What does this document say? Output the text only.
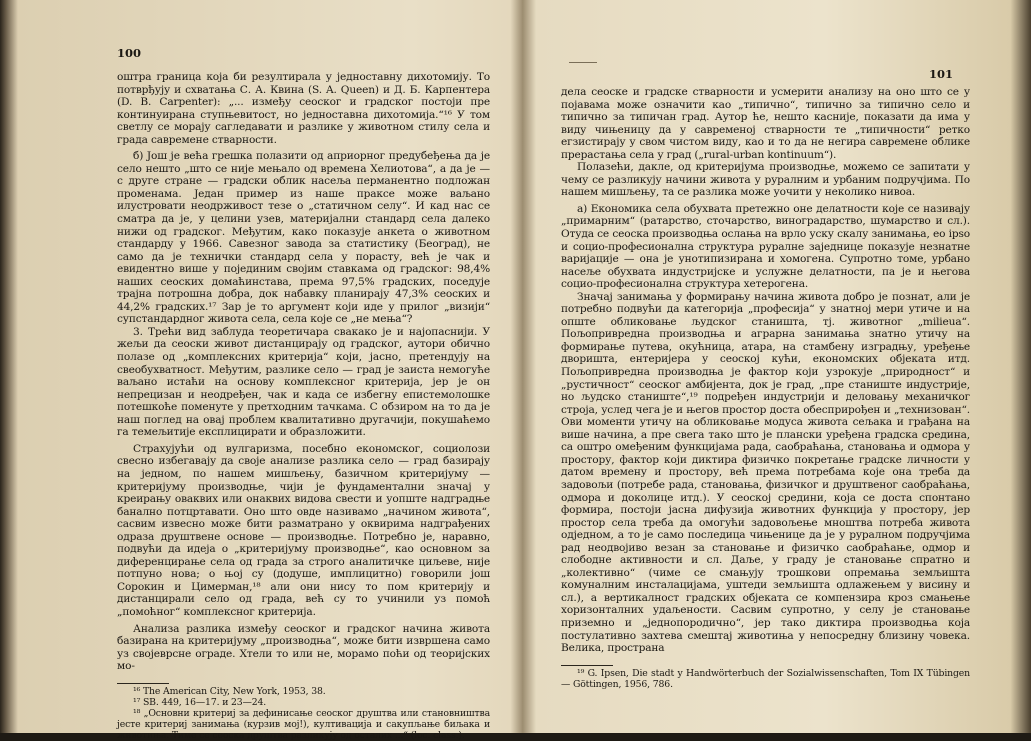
100

оштра граница која би резултирала у једноставну дихотомију. То потврђују и схватања С. А. Квина (S. A. Queen) и Д. Б. Карпентера (D. B. Carpenter): „... између сеоског и градског постоји пре континуирана ступњевитост, но једноставна дихотомија.“¹⁶ У том светлу се морају сагледавати и разлике у животном стилу села и града савремене стварности.

б) Још је већа грешка полазити од априорног предубеђења да је село нешто „што се није мењало од времена Хелиотова“, а да је — с друге стране — градски облик насеља перманентно подложан променама. Један пример из наше праксе може ваљано илустровати неодрживост тезе о „статичном селу“. И кад нас се смaтра да је, у целини узев, материјални стандард села далеко нижи од градског. Међутим, како показује анкета о животном стандарду у 1966. Савезног завода за статистику (Београд), не само да је технички стандард села у порасту, већ је чак и евидентно више у појединим својим ставкама од градског: 98,4% наших сеоских домаћинстава, према 97,5% градских, поседује трајна потрошна добра, док набавку планирају 47,3% сеоских и 44,2% градских.¹⁷ Зар је то аргумент који иде у прилог „визији“ супстандардног живота села, села које се „не мења“?

3. Трећи вид заблуда теоретичара свакако је и најопаснији. У жељи да сеоски живот дистанцирају од градског, аутори обично полазе од „комплексних критерија“ који, јасно, претендују на свеобухватност. Међутим, разлике село — град је заиста немогуће ваљано истаћи на основу комплексног критерија, јер је он непрецизан и неодређен, чак и када се избегну епистемолошке потешкоће поменуте у претходним тачкама. С обзиром на то да је наш поглед на овај проблем квалитативно другачији, покушаћемо га темељитије експлицирати и образложити.

Страхујући од вулгаризма, посебно економског, социолози свесно избегавају да своје анализе разлика село — град базирају на једном, по нашем мишљењу, базичном критеријуму — критеријуму производње, чији је фундаментални значај у креирању оваквих или онаквих видова свести и уопште надградње банално потцртавати. Оно што овде називамо „начином живота“, сасвим извесно може бити разматрано у оквирима надграђених одраза друштвене основе — производње. Потребно је, наравно, подвући да идеја о „критеријуму производње“, као основном за диференцирање села од града за строго аналитичке циљеве, није потпуно нова; о њој су (додуше, имплицитно) говорили још Сорокин и Цимерман,¹⁸ али они нису то пом критерију и дистанцирали село од града, већ су то учинили уз помоћ „помоћног“ комплексног критерија.

Анализа разлика између сеоског и градског начина живота базирана на критеријуму „производња“, може бити извршена само уз својеврсне ограде. Хтели то или не, морамо поћи од теоријских мо-

¹⁶ The American City, New York, 1953, 38.

¹⁷ SB. 449, 16—17. и 23—24.

¹⁸ „Основни критериј за дефинисање сеоског друштва или становништва јесте критериј занимања (курзив мој!), култивација и сакупљање биљака и животиња. Тиме се сеоска друштва разликују од осталих ...“ (loc. class.).

101

дела сеоске и градске стварности и усмерити анализу на оно што се у појавама може означити као „типично“, типично за типично село и типично за типичан град. Аутор ће, нешто касније, показати да има у виду чињеницу да у савременој стварности те „типичности“ ретко егзистирају у свом чистом виду, као и то да не негира савремене облике прерастања села у град („rural-urban kontinuum“).

Полазећи, дакле, од критеријума производње, можемо се запитати у чему се разликују начини живота у руралним и урбаним подручјима. По нашем мишљењу, та се разлика може уочити у неколико нивоа.

а) Економика села обухвата претежно оне делатности које се називају „примарним“ (ратарство, сточарство, виноградарство, шумарство и сл.). Отуда се сеоска производња ослања на врло уску скалу занимања, ео ipso и социо-професионална структура руралне заједнице показује незнатне варијације — она је унотипизирана и хомогена. Супротно томе, урбано насеље обухвата индустријске и услужне делатности, па је и његова социо-професионална структура хетерогена.

Значај занимања у формирању начина живота добро је познат, али је потребно подвући да категорија „професија“ у знатној мери утиче и на опште обликовање људског станишта, тј. животног „milieua“. Пољопривредна производња и аграрна занимања знатно утичу на формирање путева, окућница, атара, на стамбену изградњу, уређење дворишта, ентеријера у сеоској кући, економских објеката итд. Пољопривредна производња је фактор који узрокује „природност“ и „рустичност“ сеоског амбијента, док је град, „пре станиште индустрије, но људско станиште“,¹⁹ подређен индустрији и деловању механичког строја, услед чега је и његов простор доста обесприрођен и „технизован“. Ови моменти утичу на обликовање модуса живота сељака и грађана на више начина, а пре свега тако што је плански уређена градска средина, са оштро омеђеним функцијама рада, саобраћања, становања и одмора у простору, фактор који диктира физичко покретање градске личности у датом времену и простору, већ према потребама које она треба да задовољи (потребе рада, становања, физичког и друштвеног саобраћања, одмора и доколице итд.). У сеоској средини, која се доста спонтано формира, постоји јасна дифузија животних функција у простору, јер простор села треба да омогући задовољење мноштва потреба живота одједном, а то је само последица чињенице да је у руралном подручјима рад неодвојиво везан за становање и физичко саобраћање, одмор и слободне активности и сл. Даље, у граду је становање спратно и „колективно“ (чиме се смањују трошкови опремања земљишта комуналним инсталацијама, уштеди земљишта одлажењем у висину и сл.), а вертикалност градских објеката се компензира кроз смањење хоризонталних удаљености. Сасвим супротно, у селу је становање приземно и „једнопородично“, јер тако диктира производња која постулативно захтева смештај животиња у непосредну близину човека. Велика, пространа

¹⁹ G. Ipsen, Die stadt y Handwörterbuch der Sozialwissenschaften, Tom IX Tübingen — Göttingen, 1956, 786.
